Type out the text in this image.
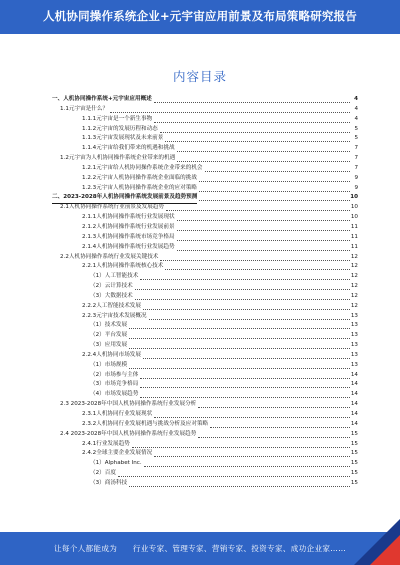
人机协同操作系统企业+元宇宙应用前景及布局策略研究报告
内容目录
一、人机协同操作系统+元宇宙应用概述	4
1.1元宇宙是什么？	4
1.1.1元宇宙是一个新生事物	4
1.1.2元宇宙的发展历程和动态	5
1.1.3元宇宙发展现状及未来前景	5
1.1.4元宇宙给我们带来的机遇和挑战	7
1.2元宇宙为人机协同操作系统企业带来的机遇	7
1.2.1元宇宙给人机协同操作系统企业带来的机会	7
1.2.2元宇宙人机协同操作系统企业面临的挑战	9
1.2.3元宇宙人机协同操作系统企业的应对策略	9
二、2023-2028年人机协同操作系统发展前景及趋势预测	10
2.1人机协同操作系统行业前景及发展趋势	10
2.1.1人机协同操作系统行业发展现状	10
2.1.2人机协同操作系统行业发展前景	11
2.1.3人机协同操作系统市场竞争格局	11
2.1.4人机协同操作系统行业发展趋势	11
2.2人机协同操作系统行业发展关键技术	12
2.2.1人机协同操作系统核心技术	12
（1）人工智能技术	12
（2）云计算技术	12
（3）大数据技术	12
2.2.2人工智能技术发展	12
2.2.3元宇宙技术发展概况	13
（1）技术发展	13
（2）平台发展	13
（3）应用发展	13
2.2.4人机协同市场发展	13
（1）市场规模	13
（2）市场参与主体	14
（3）市场竞争格局	14
（4）市场发展趋势	14
2.3 2023-2028年中国人机协同操作系统行业发展分析	14
2.3.1人机协同行业发展现状	14
2.3.2人机协同行业发展机遇与挑战分析及应对策略	14
2.4 2023-2028年中国人机协同操作系统行业发展趋势	15
2.4.1行业发展趋势	15
2.4.2全球主要企业发展情况	15
（1）Alphabet Inc.	15
（2）百度	15
（3）商汤科技	15
让每个人都能成为　　行业专家、管理专家、营销专家、投资专家、成功企业家……
